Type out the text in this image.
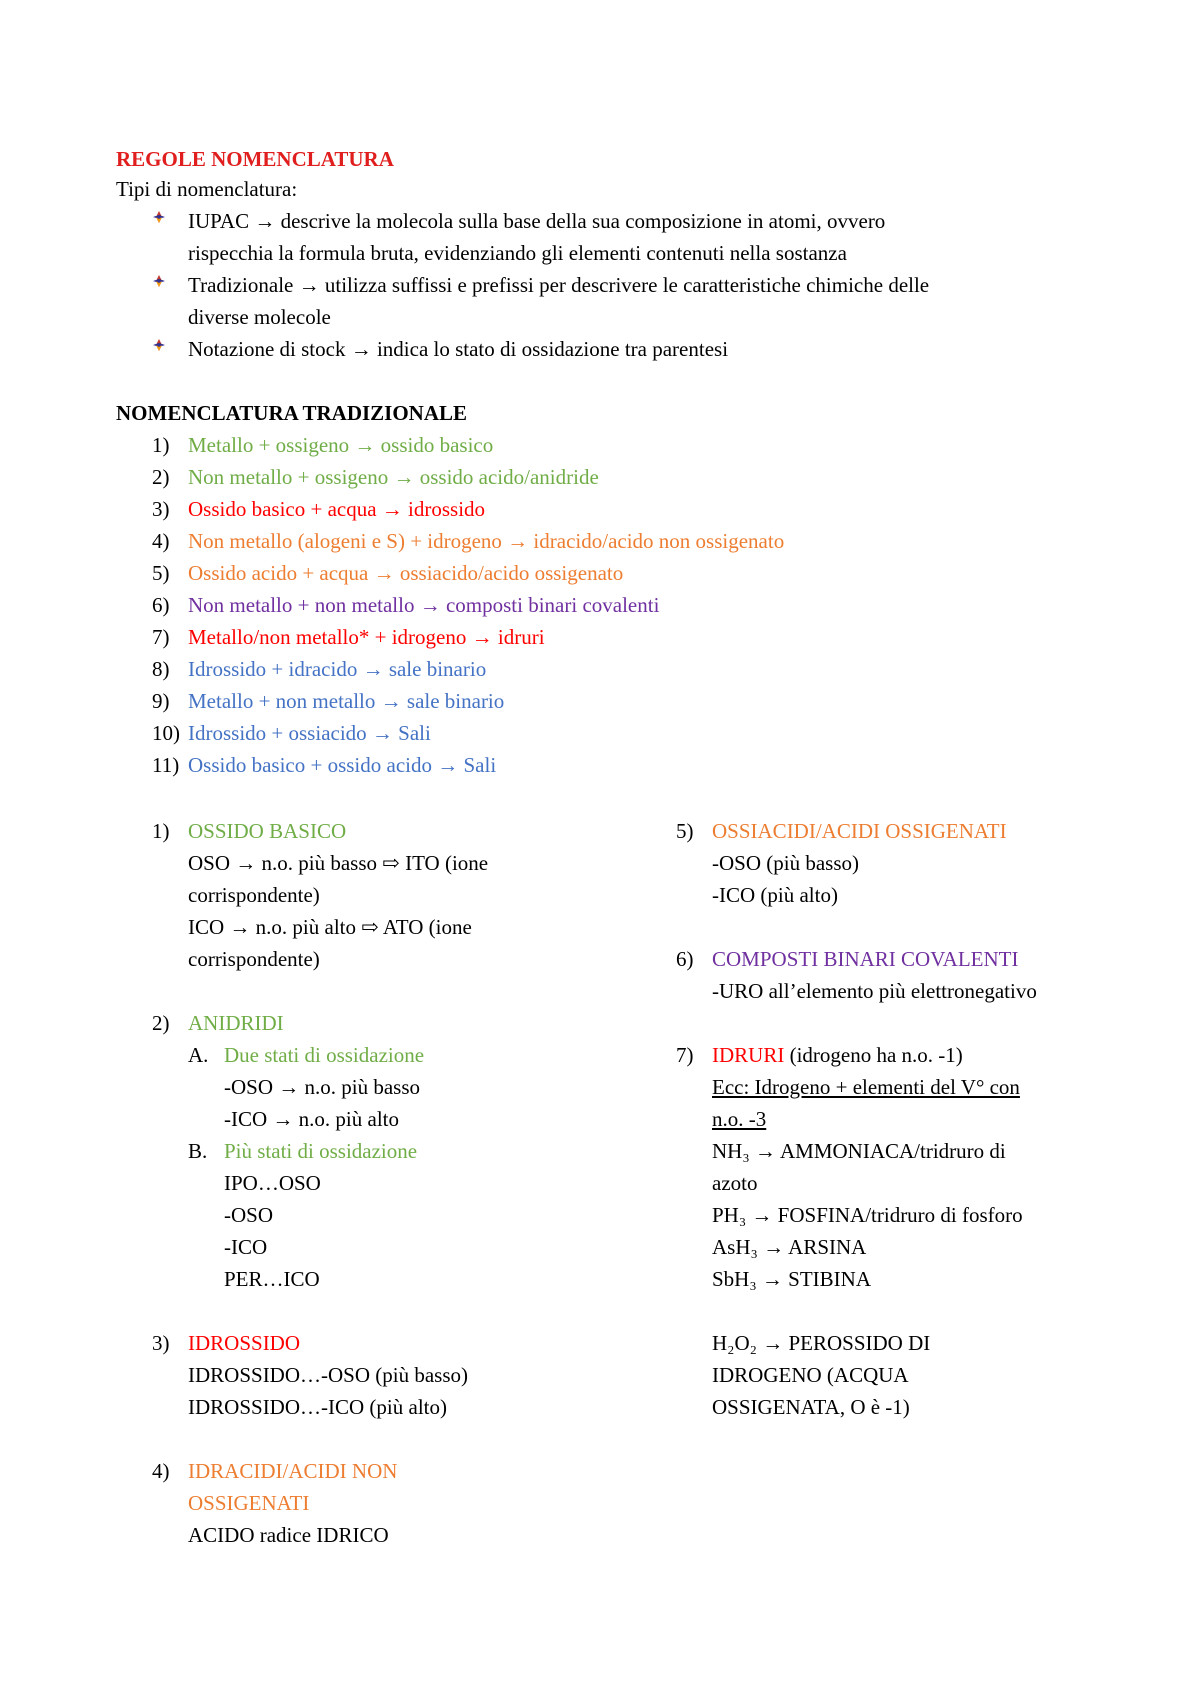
REGOLE NOMENCLATURA
Tipi di nomenclatura:
IUPAC → descrive la molecola sulla base della sua composizione in atomi, ovvero
rispecchia la formula bruta, evidenziando gli elementi contenuti nella sostanza
Tradizionale → utilizza suffissi e prefissi per descrivere le caratteristiche chimiche delle
diverse molecole
Notazione di stock → indica lo stato di ossidazione tra parentesi
NOMENCLATURA TRADIZIONALE
1) Metallo + ossigeno → ossido basico
2) Non metallo + ossigeno → ossido acido/anidride
3) Ossido basico + acqua → idrossido
4) Non metallo (alogeni e S) + idrogeno → idracido/acido non ossigenato
5) Ossido acido + acqua → ossiacido/acido ossigenato
6) Non metallo + non metallo → composti binari covalenti
7) Metallo/non metallo* + idrogeno → idruri
8) Idrossido + idracido → sale binario
9) Metallo + non metallo → sale binario
10) Idrossido + ossiacido → Sali
11) Ossido basico + ossido acido → Sali
1) OSSIDO BASICO
OSO → n.o. più basso ⇨ ITO (ione
corrispondente)
ICO → n.o. più alto ⇨ ATO (ione
corrispondente)
2) ANIDRIDI
A. Due stati di ossidazione
-OSO → n.o. più basso
-ICO → n.o. più alto
B. Più stati di ossidazione
IPO…OSO
-OSO
-ICO
PER…ICO
3) IDROSSIDO
IDROSSIDO…-OSO (più basso)
IDROSSIDO…-ICO (più alto)
4) IDRACIDI/ACIDI NON
OSSIGENATI
ACIDO radice IDRICO
5) OSSIACIDI/ACIDI OSSIGENATI
-OSO (più basso)
-ICO (più alto)
6) COMPOSTI BINARI COVALENTI
-URO all’elemento più elettronegativo
7) IDRURI (idrogeno ha n.o. -1)
Ecc: Idrogeno + elementi del V° con
n.o. -3
NH₃ → AMMONIACA/tridruro di
azoto
PH₃ → FOSFINA/tridruro di fosforo
AsH₃ → ARSINA
SbH₃ → STIBINA
H₂O₂ → PEROSSIDO DI
IDROGENO (ACQUA
OSSIGENATA, O è -1)
